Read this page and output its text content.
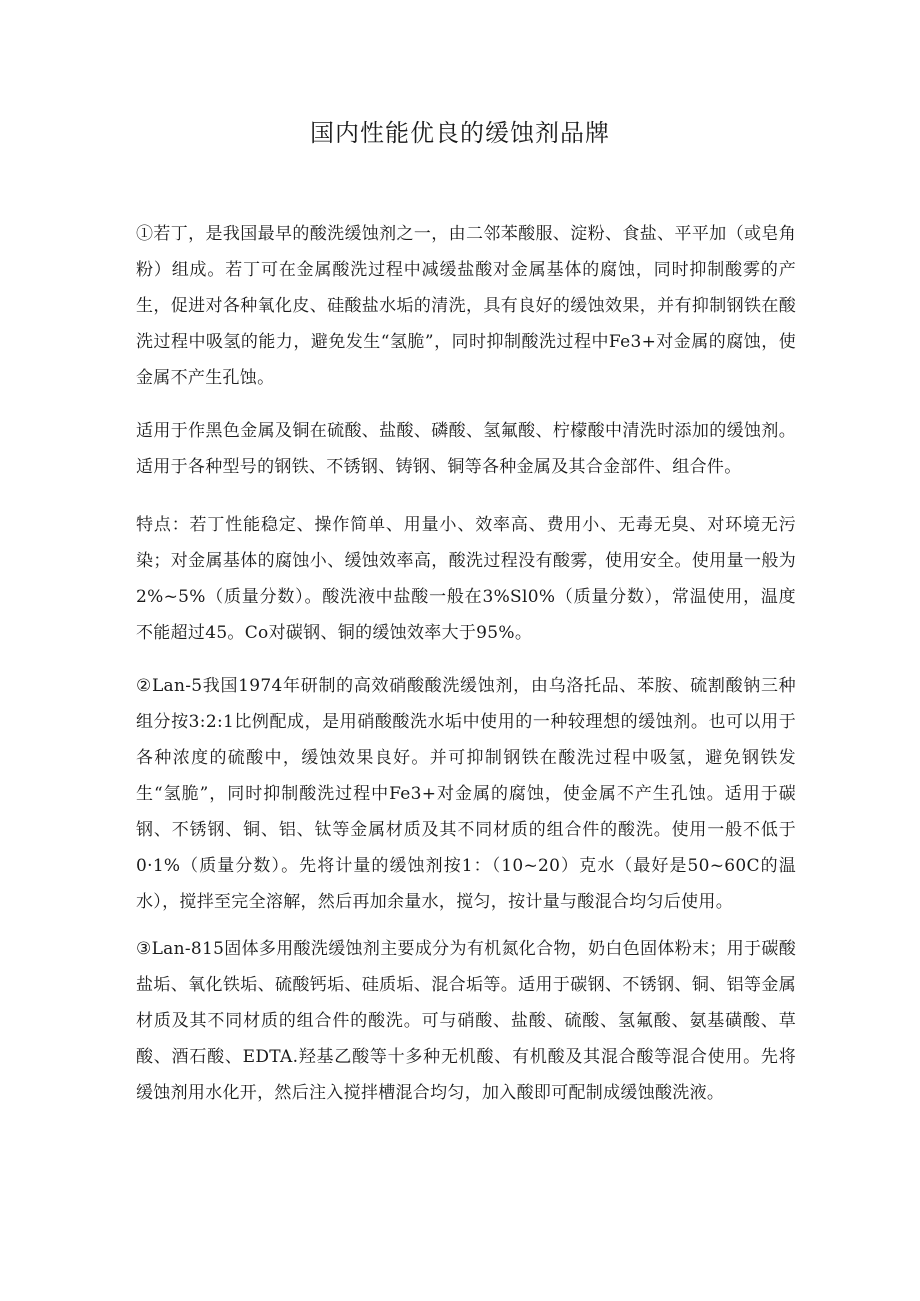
国内性能优良的缓蚀剂品牌

①若丁，是我国最早的酸洗缓蚀剂之一，由二邻苯酸服、淀粉、食盐、平平加（或皂角粉）组成。若丁可在金属酸洗过程中减缓盐酸对金属基体的腐蚀，同时抑制酸雾的产生，促进对各种氧化皮、硅酸盐水垢的清洗，具有良好的缓蚀效果，并有抑制钢铁在酸洗过程中吸氢的能力，避免发生“氢脆”，同时抑制酸洗过程中Fe3+对金属的腐蚀，使金属不产生孔蚀。

适用于作黑色金属及铜在硫酸、盐酸、磷酸、氢氟酸、柠檬酸中清洗时添加的缓蚀剂。适用于各种型号的钢铁、不锈钢、铸钢、铜等各种金属及其合金部件、组合件。

特点：若丁性能稳定、操作简单、用量小、效率高、费用小、无毒无臭、对环境无污染；对金属基体的腐蚀小、缓蚀效率高，酸洗过程没有酸雾，使用安全。使用量一般为2%~5%（质量分数）。酸洗液中盐酸一般在3%Sl0%（质量分数），常温使用，温度不能超过45。Co对碳钢、铜的缓蚀效率大于95%。

②Lan-5我国1974年研制的高效硝酸酸洗缓蚀剂，由乌洛托品、苯胺、硫割酸钠三种组分按3:2:1比例配成，是用硝酸酸洗水垢中使用的一种较理想的缓蚀剂。也可以用于各种浓度的硫酸中，缓蚀效果良好。并可抑制钢铁在酸洗过程中吸氢，避免钢铁发生“氢脆”，同时抑制酸洗过程中Fe3+对金属的腐蚀，使金属不产生孔蚀。适用于碳钢、不锈钢、铜、铝、钛等金属材质及其不同材质的组合件的酸洗。使用一般不低于0·1%（质量分数）。先将计量的缓蚀剂按1：（10~20）克水（最好是50~60C的温水），搅拌至完全溶解，然后再加余量水，搅匀，按计量与酸混合均匀后使用。

③Lan-815固体多用酸洗缓蚀剂主要成分为有机氮化合物，奶白色固体粉末；用于碳酸盐垢、氧化铁垢、硫酸钙垢、硅质垢、混合垢等。适用于碳钢、不锈钢、铜、铝等金属材质及其不同材质的组合件的酸洗。可与硝酸、盐酸、硫酸、氢氟酸、氨基磺酸、草酸、酒石酸、EDTA.羟基乙酸等十多种无机酸、有机酸及其混合酸等混合使用。先将缓蚀剂用水化开，然后注入搅拌槽混合均匀，加入酸即可配制成缓蚀酸洗液。
